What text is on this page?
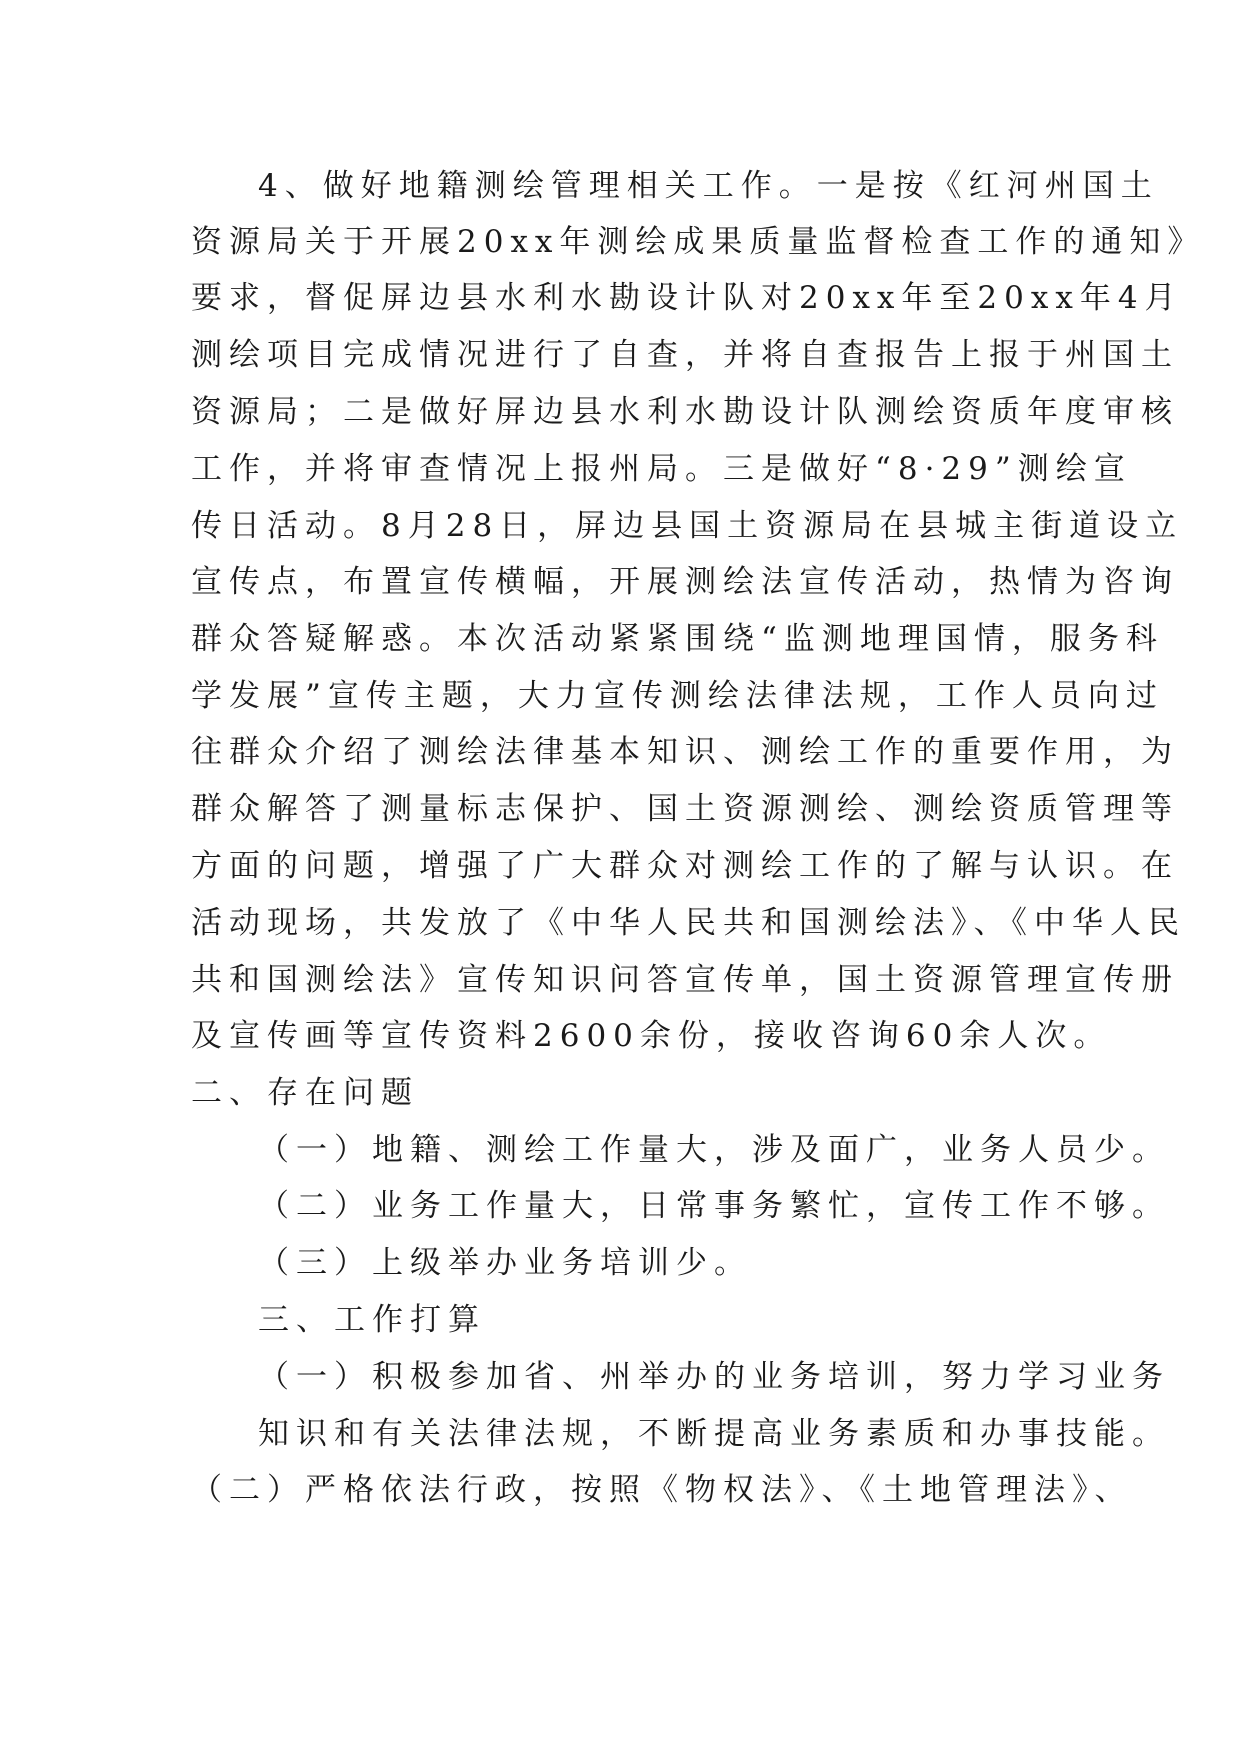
4、做好地籍测绘管理相关工作。一是按《红河州国土

资源局关于开展20xx年测绘成果质量监督检查工作的通知》

要求，督促屏边县水利水勘设计队对20xx年至20xx年4月

测绘项目完成情况进行了自查，并将自查报告上报于州国土

资源局；二是做好屏边县水利水勘设计队测绘资质年度审核

工作，并将审查情况上报州局。三是做好“8·29”测绘宣

传日活动。8月28日，屏边县国土资源局在县城主街道设立

宣传点，布置宣传横幅，开展测绘法宣传活动，热情为咨询

群众答疑解惑。本次活动紧紧围绕“监测地理国情，服务科

学发展”宣传主题，大力宣传测绘法律法规，工作人员向过

往群众介绍了测绘法律基本知识、测绘工作的重要作用，为

群众解答了测量标志保护、国土资源测绘、测绘资质管理等

方面的问题，增强了广大群众对测绘工作的了解与认识。在

活动现场，共发放了《中华人民共和国测绘法》、《中华人民

共和国测绘法》宣传知识问答宣传单，国土资源管理宣传册

及宣传画等宣传资料2600余份，接收咨询60余人次。

二、存在问题

（一）地籍、测绘工作量大，涉及面广，业务人员少。

（二）业务工作量大，日常事务繁忙，宣传工作不够。

（三）上级举办业务培训少。

三、工作打算

（一）积极参加省、州举办的业务培训，努力学习业务

知识和有关法律法规，不断提高业务素质和办事技能。

（二）严格依法行政，按照《物权法》、《土地管理法》、
